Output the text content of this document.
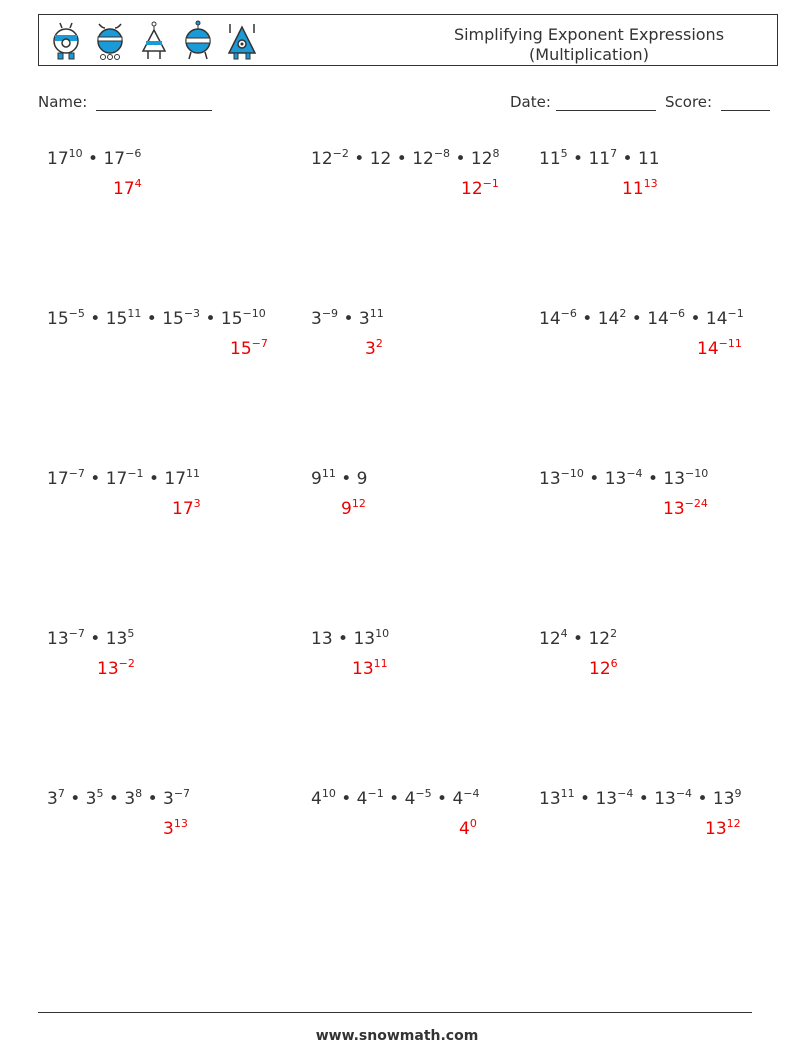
Simplifying Exponent Expressions
(Multiplication)
Name:	Date:	Score:
$17^{10}$ • $17^{-6}$
$17^4$
$12^{-2}$ • 12 • $12^{-8}$ • $12^8$
$12^{-1}$
$11^5$ • $11^7$ • 11
$11^{13}$
$15^{-5}$ • $15^{11}$ • $15^{-3}$ • $15^{-10}$
$15^{-7}$
$3^{-9}$ • $3^{11}$
$3^2$
$14^{-6}$ • $14^2$ • $14^{-6}$ • $14^{-1}$
$14^{-11}$
$17^{-7}$ • $17^{-1}$ • $17^{11}$
$17^3$
$9^{11}$ • 9
$9^{12}$
$13^{-10}$ • $13^{-4}$ • $13^{-10}$
$13^{-24}$
$13^{-7}$ • $13^5$
$13^{-2}$
13 • $13^{10}$
$13^{11}$
$12^4$ • $12^2$
$12^6$
$3^7$ • $3^5$ • $3^8$ • $3^{-7}$
$3^{13}$
$4^{10}$ • $4^{-1}$ • $4^{-5}$ • $4^{-4}$
$4^0$
$13^{11}$ • $13^{-4}$ • $13^{-4}$ • $13^9$
$13^{12}$
www.snowmath.com
